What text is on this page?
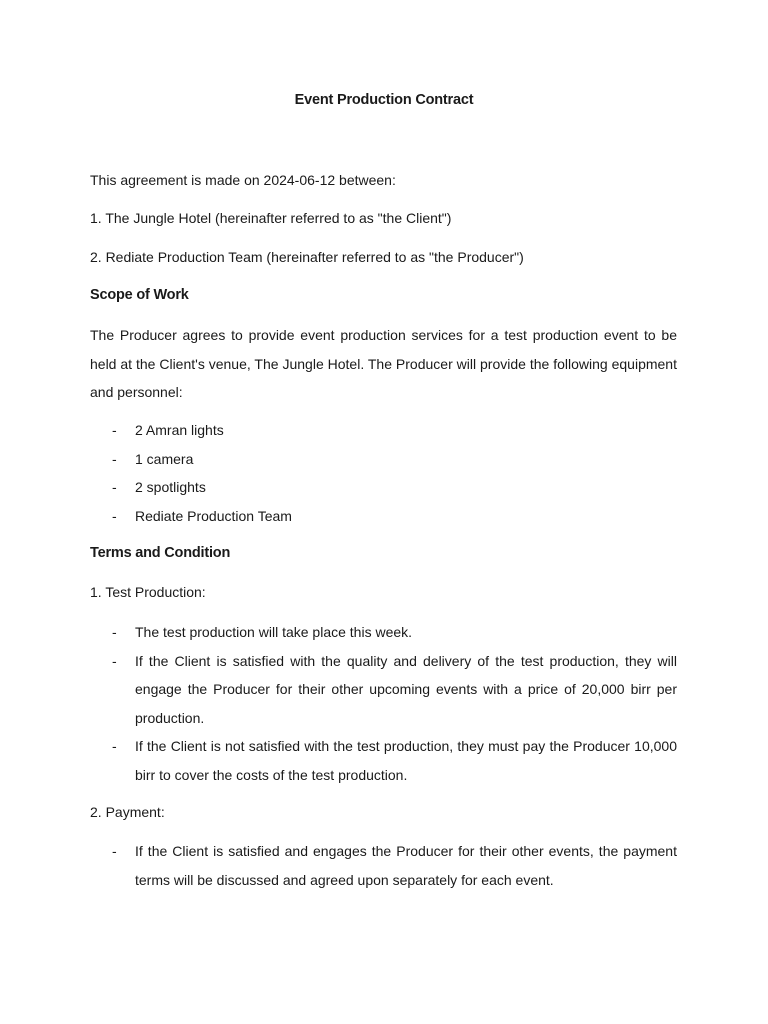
Event Production Contract

This agreement is made on 2024-06-12 between:

1. The Jungle Hotel (hereinafter referred to as "the Client")

2. Rediate Production Team (hereinafter referred to as "the Producer")

Scope of Work

The Producer agrees to provide event production services for a test production event to be held at the Client's venue, The Jungle Hotel. The Producer will provide the following equipment and personnel:

- 2 Amran lights
- 1 camera
- 2 spotlights
- Rediate Production Team
Terms and Condition

1. Test Production:

- The test production will take place this week.
- If the Client is satisfied with the quality and delivery of the test production, they will engage the Producer for their other upcoming events with a price of 20,000 birr per production.
- If the Client is not satisfied with the test production, they must pay the Producer 10,000 birr to cover the costs of the test production.

2. Payment:

- If the Client is satisfied and engages the Producer for their other events, the payment terms will be discussed and agreed upon separately for each event.
